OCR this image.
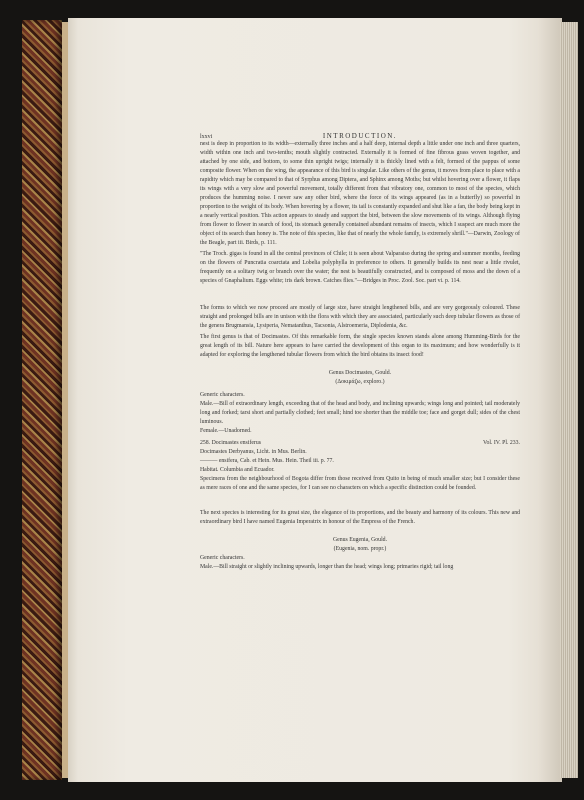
lxxvi	INTRODUCTION.

nest is deep in proportion to its width—externally three inches and a half deep, internal depth a little under one inch and three quarters, width within one inch and two-tenths; mouth slightly contracted. Externally it is formed of fine fibrous grass woven together, and attached by one side, and bottom, to some thin upright twigs; internally it is thickly lined with a felt, formed of the pappus of some composite flower. When on the wing, the appearance of this bird is singular. Like others of the genus, it moves from place to place with a rapidity which may be compared to that of Syrphus among Diptera, and Sphinx among Moths; but whilst hovering over a flower, it flaps its wings with a very slow and powerful movement, totally different from that vibratory one, common to most of the species, which produces the humming noise. I never saw any other bird, where the force of its wings appeared (as in a butterfly) so powerful in proportion to the weight of its body. When hovering by a flower, its tail is constantly expanded and shut like a fan, the body being kept in a nearly vertical position. This action appears to steady and support the bird, between the slow movements of its wings. Although flying from flower to flower in search of food, its stomach generally contained abundant remains of insects, which I suspect are much more the object of its search than honey is. The note of this species, like that of nearly the whole family, is extremely shrill."—Darwin, Zoology of the Beagle, part iii. Birds, p. 111.

"The Troch. gigas is found in all the central provinces of Chile; it is seen about Valparaiso during the spring and summer months, feeding on the flowers of Puncratia coarctata and Lobelia polyphylla in preference to others. It generally builds its nest near a little rivulet, frequently on a solitary twig or branch over the water; the nest is beautifully constructed, and is composed of moss and the down of a species of Gnaphalium. Eggs white; iris dark brown. Catches flies."—Bridges in Proc. Zool. Soc. part vi. p. 114.

The forms to which we now proceed are mostly of large size, have straight lengthened bills, and are very gorgeously coloured. These straight and prolonged bills are in unison with the flora with which they are associated, particularly such deep tubular flowers as those of the genera Brugmansia, Lysiperia, Nematanthus, Tacsonia, Alstroemeria, Diplodenia, &c.

The first genus is that of Docimastes. Of this remarkable form, the single species known stands alone among Humming-Birds for the great length of its bill. Nature here appears to have carried the development of this organ to its maximum; and how wonderfully is it adapted for exploring the lengthened tubular flowers from which the bird obtains its insect food!

Genus Docimastes, Gould.

(Δοκιμάζω, exploro.)

Generic characters.

Male.—Bill of extraordinary length, exceeding that of the head and body, and inclining upwards; wings long and pointed; tail moderately long and forked; tarsi short and partially clothed; feet small; hind toe shorter than the middle toe; face and gorget dull; sides of the chest luminous.

Female.—Unadorned.

258. Docimastes ensiferus	Vol. IV. Pl. 233.

Docimastes Derbyanus, Licht. in Mus. Berlin.

——— ensifera, Cab. et Hein. Mus. Hein. Theil iii. p. 77.

Habitat. Columbia and Ecuador.

Specimens from the neighbourhood of Bogota differ from those received from Quito in being of much smaller size; but I consider these as mere races of one and the same species, for I can see no characters on which a specific distinction could be founded.

The next species is interesting for its great size, the elegance of its proportions, and the beauty and harmony of its colours. This new and extraordinary bird I have named Eugenia Imperatrix in honour of the Empress of the French.

Genus Eugenia, Gould.

(Eugenia, nom. propr.)

Generic characters.

Male.—Bill straight or slightly inclining upwards, longer than the head; wings long; primaries rigid; tail long
